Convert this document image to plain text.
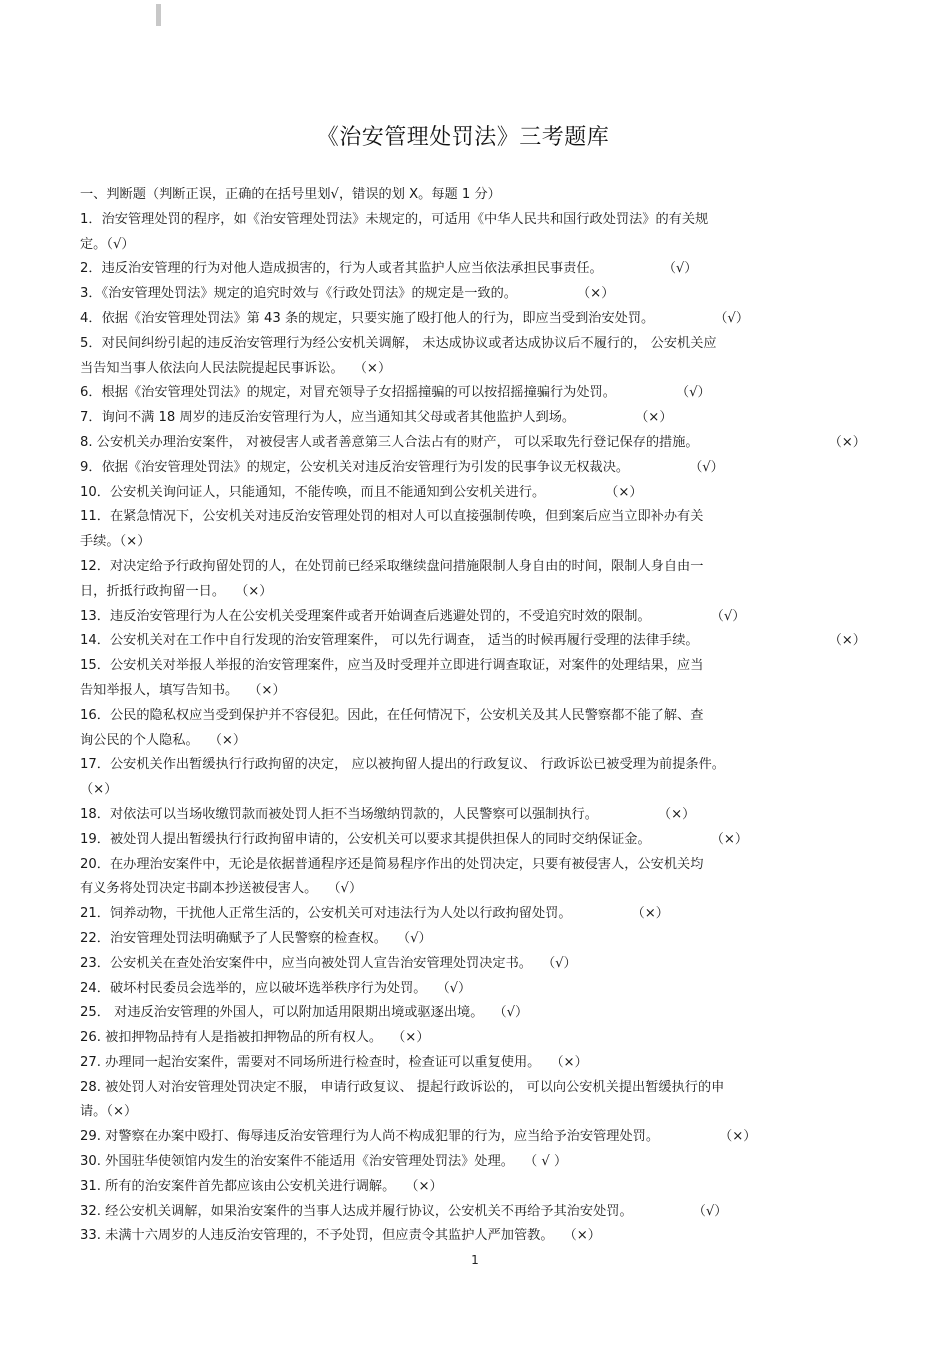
《治安管理处罚法》三考题库
一、判断题（判断正误，正确的在括号里划√，错误的划 X。每题 1 分）
1．治安管理处罚的程序，如《治安管理处罚法》未规定的，可适用《中华人民共和国行政处罚法》的有关规
定。（√）
2．违反治安管理的行为对他人造成损害的，行为人或者其监护人应当依法承担民事责任。	（√）
3．《治安管理处罚法》规定的追究时效与《行政处罚法》的规定是一致的。	（×）
4．依据《治安管理处罚法》第 43 条的规定，只要实施了殴打他人的行为，即应当受到治安处罚。	（√）
5．对民间纠纷引起的违反治安管理行为经公安机关调解， 未达成协议或者达成协议后不履行的， 公安机关应
当告知当事人依法向人民法院提起民事诉讼。 （×）
6．根据《治安管理处罚法》的规定，对冒充领导子女招摇撞骗的可以按招摇撞骗行为处罚。	（√）
7．询问不满 18 周岁的违反治安管理行为人，应当通知其父母或者其他监护人到场。	（×）
8. 公安机关办理治安案件， 对被侵害人或者善意第三人合法占有的财产， 可以采取先行登记保存的措施。	（×）
9．依据《治安管理处罚法》的规定，公安机关对违反治安管理行为引发的民事争议无权裁决。	（√）
10．公安机关询问证人，只能通知，不能传唤，而且不能通知到公安机关进行。	（×）
11．在紧急情况下，公安机关对违反治安管理处罚的相对人可以直接强制传唤，但到案后应当立即补办有关
手续。（×）
12．对决定给予行政拘留处罚的人，在处罚前已经采取继续盘问措施限制人身自由的时间，限制人身自由一
日，折抵行政拘留一日。 （×）
13．违反治安管理行为人在公安机关受理案件或者开始调查后逃避处罚的，不受追究时效的限制。	（√）
14．公安机关对在工作中自行发现的治安管理案件， 可以先行调查， 适当的时候再履行受理的法律手续。	（×）
15．公安机关对举报人举报的治安管理案件，应当及时受理并立即进行调查取证，对案件的处理结果，应当
告知举报人，填写告知书。 （×）
16．公民的隐私权应当受到保护并不容侵犯。因此，在任何情况下，公安机关及其人民警察都不能了解、查
询公民的个人隐私。 （×）
17．公安机关作出暂缓执行行政拘留的决定， 应以被拘留人提出的行政复议、 行政诉讼已被受理为前提条件。
（×）
18．对依法可以当场收缴罚款而被处罚人拒不当场缴纳罚款的，人民警察可以强制执行。	（×）
19．被处罚人提出暂缓执行行政拘留申请的，公安机关可以要求其提供担保人的同时交纳保证金。	（×）
20．在办理治安案件中，无论是依据普通程序还是简易程序作出的处罚决定，只要有被侵害人，公安机关均
有义务将处罚决定书副本抄送被侵害人。 （√）
21．饲养动物，干扰他人正常生活的，公安机关可对违法行为人处以行政拘留处罚。	（×）
22．治安管理处罚法明确赋予了人民警察的检查权。 （√）
23．公安机关在查处治安案件中，应当向被处罚人宣告治安管理处罚决定书。 （√）
24．破坏村民委员会选举的，应以破坏选举秩序行为处罚。 （√）
25． 对违反治安管理的外国人，可以附加适用限期出境或驱逐出境。 （√）
26. 被扣押物品持有人是指被扣押物品的所有权人。 （×）
27. 办理同一起治安案件，需要对不同场所进行检查时，检查证可以重复使用。 （×）
28. 被处罚人对治安管理处罚决定不服， 申请行政复议、 提起行政诉讼的， 可以向公安机关提出暂缓执行的申
请。（×）
29. 对警察在办案中殴打、侮辱违反治安管理行为人尚不构成犯罪的行为，应当给予治安管理处罚。	（×）
30. 外国驻华使领馆内发生的治安案件不能适用《治安管理处罚法》处理。 （ √ ）
31. 所有的治安案件首先都应该由公安机关进行调解。 （×）
32. 经公安机关调解，如果治安案件的当事人达成并履行协议，公安机关不再给予其治安处罚。	（√）
33. 未满十六周岁的人违反治安管理的，不予处罚，但应责令其监护人严加管教。 （×）
1
